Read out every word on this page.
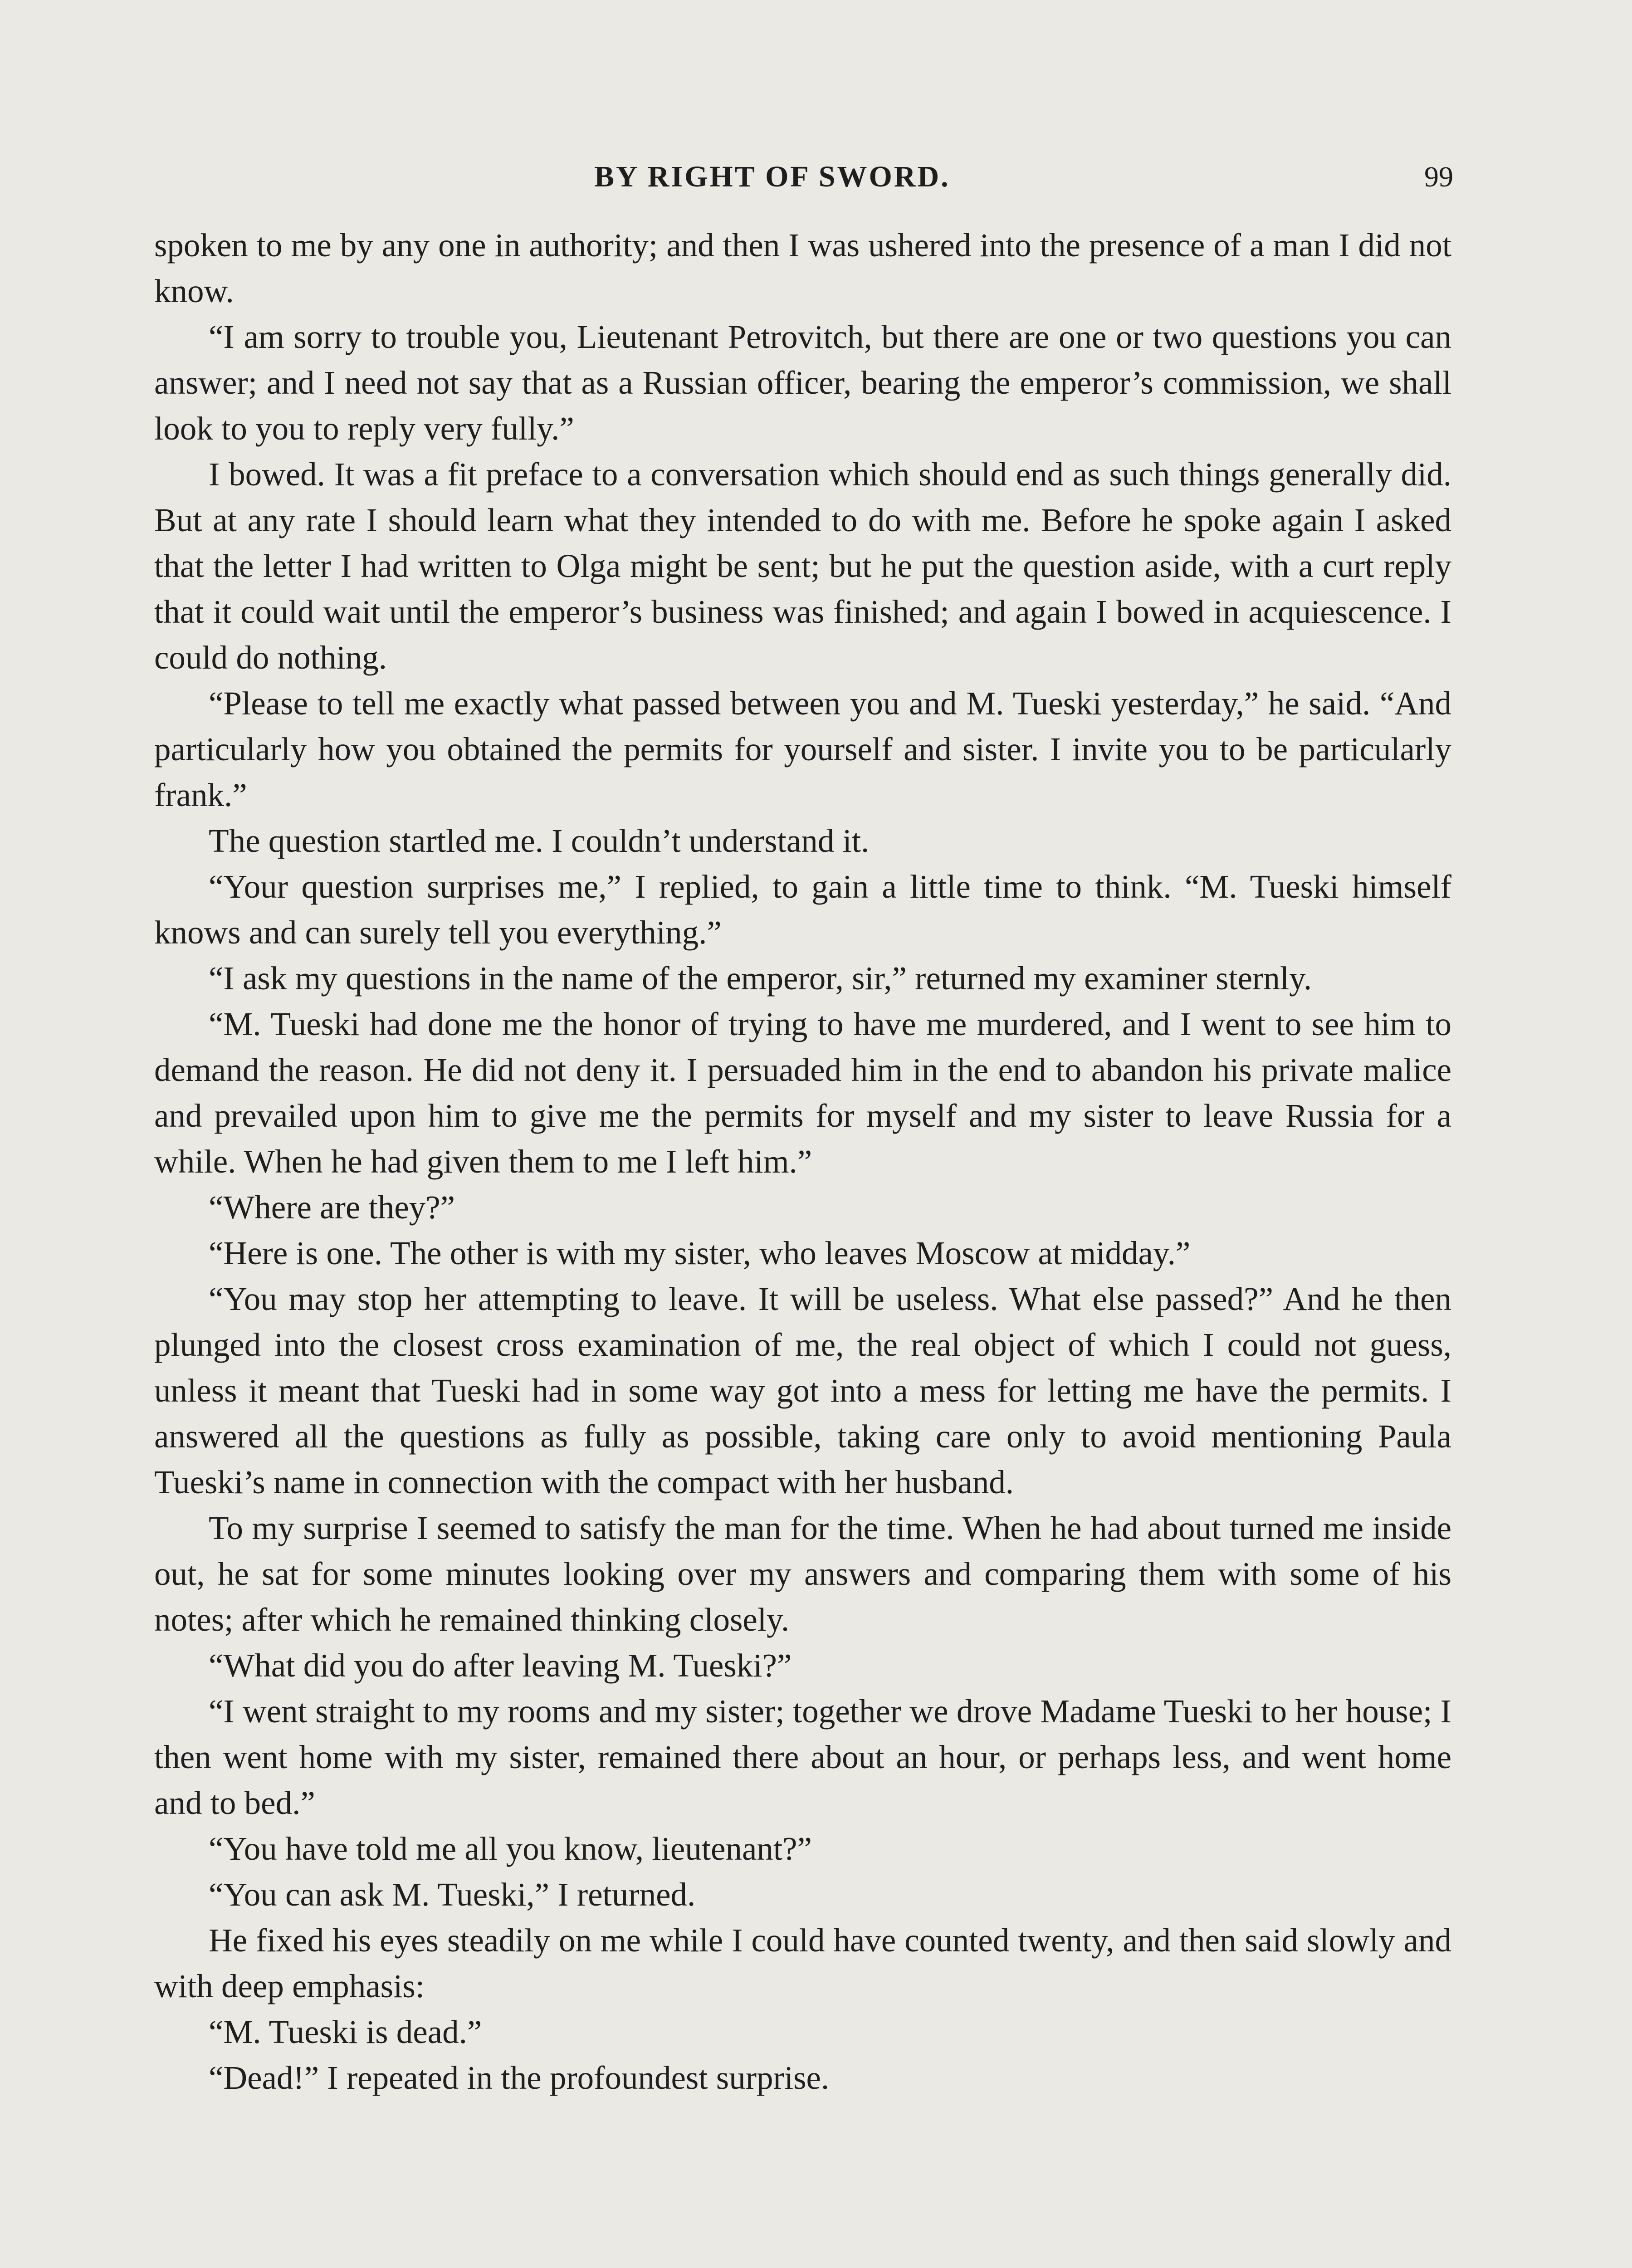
BY RIGHT OF SWORD.	99

spoken to me by any one in authority; and then I was ushered into the presence of a man I did not know.

“I am sorry to trouble you, Lieutenant Petrovitch, but there are one or two questions you can answer; and I need not say that as a Russian officer, bearing the emperor’s commission, we shall look to you to reply very fully.”

I bowed. It was a fit preface to a conversation which should end as such things generally did. But at any rate I should learn what they intended to do with me. Before he spoke again I asked that the letter I had written to Olga might be sent; but he put the question aside, with a curt reply that it could wait until the emperor’s business was finished; and again I bowed in acquiescence. I could do nothing.

“Please to tell me exactly what passed between you and M. Tueski yesterday,” he said. “And particularly how you obtained the permits for yourself and sister. I invite you to be particularly frank.”

The question startled me. I couldn’t understand it.

“Your question surprises me,” I replied, to gain a little time to think. “M. Tueski himself knows and can surely tell you everything.”

“I ask my questions in the name of the emperor, sir,” returned my examiner sternly.

“M. Tueski had done me the honor of trying to have me murdered, and I went to see him to demand the reason. He did not deny it. I persuaded him in the end to abandon his private malice and prevailed upon him to give me the permits for myself and my sister to leave Russia for a while. When he had given them to me I left him.”

“Where are they?”

“Here is one. The other is with my sister, who leaves Moscow at midday.”

“You may stop her attempting to leave. It will be useless. What else passed?” And he then plunged into the closest cross examination of me, the real object of which I could not guess, unless it meant that Tueski had in some way got into a mess for letting me have the permits. I answered all the questions as fully as possible, taking care only to avoid mentioning Paula Tueski’s name in connection with the compact with her husband.

To my surprise I seemed to satisfy the man for the time. When he had about turned me inside out, he sat for some minutes looking over my answers and comparing them with some of his notes; after which he remained thinking closely.

“What did you do after leaving M. Tueski?”

“I went straight to my rooms and my sister; together we drove Madame Tueski to her house; I then went home with my sister, remained there about an hour, or perhaps less, and went home and to bed.”

“You have told me all you know, lieutenant?”

“You can ask M. Tueski,” I returned.

He fixed his eyes steadily on me while I could have counted twenty, and then said slowly and with deep emphasis:

“M. Tueski is dead.”

“Dead!” I repeated in the profoundest surprise.
